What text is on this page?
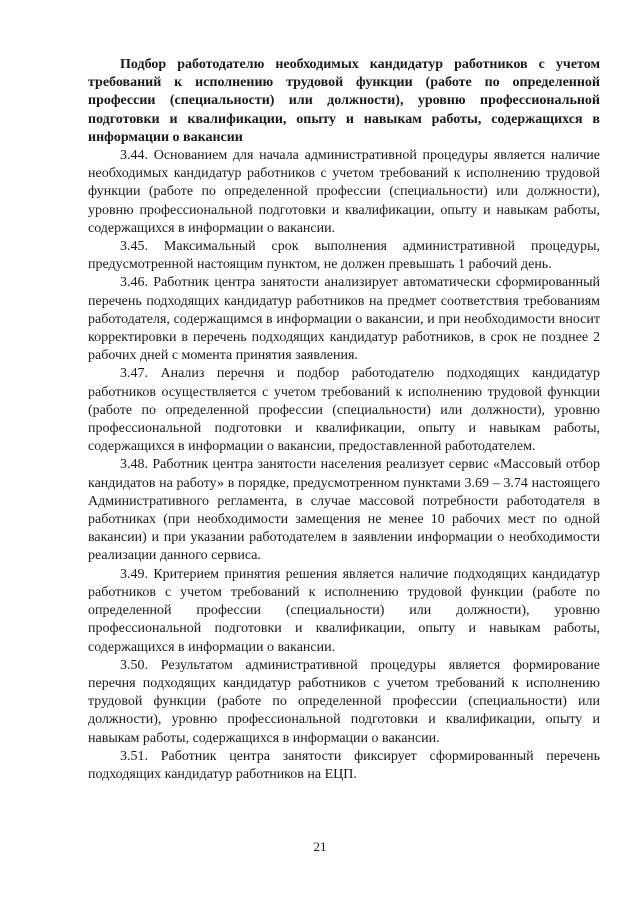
Подбор работодателю необходимых кандидатур работников с учетом требований к исполнению трудовой функции (работе по определенной профессии (специальности) или должности), уровню профессиональной подготовки и квалификации, опыту и навыкам работы, содержащихся в информации о вакансии

3.44. Основанием для начала административной процедуры является наличие необходимых кандидатур работников с учетом требований к исполнению трудовой функции (работе по определенной профессии (специальности) или должности), уровню профессиональной подготовки и квалификации, опыту и навыкам работы, содержащихся в информации о вакансии.

3.45. Максимальный срок выполнения административной процедуры, предусмотренной настоящим пунктом, не должен превышать 1 рабочий день.

3.46. Работник центра занятости анализирует автоматически сформированный перечень подходящих кандидатур работников на предмет соответствия требованиям работодателя, содержащимся в информации о вакансии, и при необходимости вносит корректировки в перечень подходящих кандидатур работников, в срок не позднее 2 рабочих дней с момента принятия заявления.

3.47. Анализ перечня и подбор работодателю подходящих кандидатур работников осуществляется с учетом требований к исполнению трудовой функции (работе по определенной профессии (специальности) или должности), уровню профессиональной подготовки и квалификации, опыту и навыкам работы, содержащихся в информации о вакансии, предоставленной работодателем.

3.48. Работник центра занятости населения реализует сервис «Массовый отбор кандидатов на работу» в порядке, предусмотренном пунктами 3.69 – 3.74 настоящего Административного регламента, в случае массовой потребности работодателя в работниках (при необходимости замещения не менее 10 рабочих мест по одной вакансии) и при указании работодателем в заявлении информации о необходимости реализации данного сервиса.

3.49. Критерием принятия решения является наличие подходящих кандидатур работников с учетом требований к исполнению трудовой функции (работе по определенной профессии (специальности) или должности), уровню профессиональной подготовки и квалификации, опыту и навыкам работы, содержащихся в информации о вакансии.

3.50. Результатом административной процедуры является формирование перечня подходящих кандидатур работников с учетом требований к исполнению трудовой функции (работе по определенной профессии (специальности) или должности), уровню профессиональной подготовки и квалификации, опыту и навыкам работы, содержащихся в информации о вакансии.

3.51. Работник центра занятости фиксирует сформированный перечень подходящих кандидатур работников на ЕЦП.

21
